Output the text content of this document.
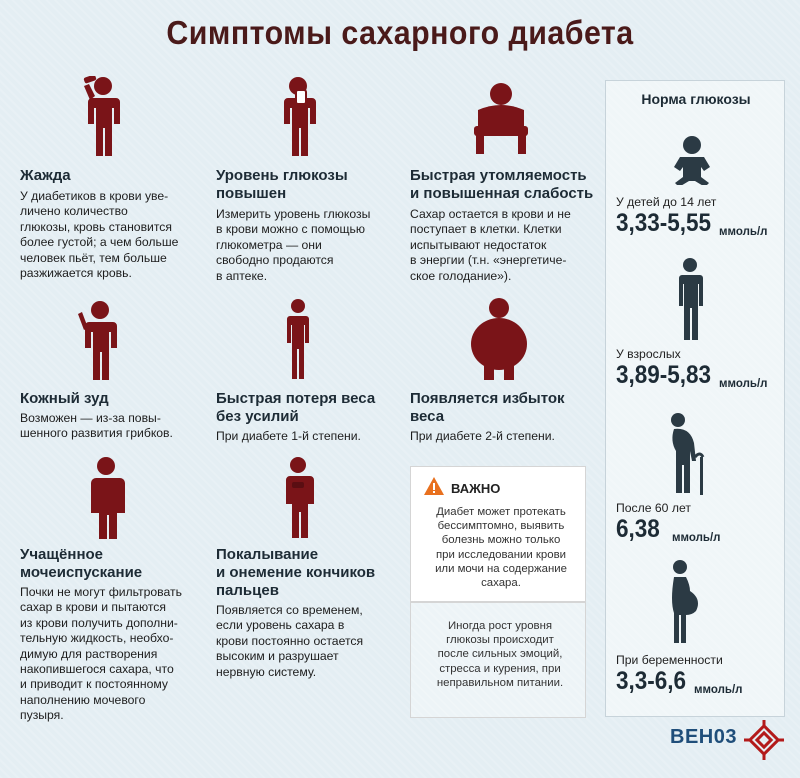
Симптомы сахарного диабета
Жажда
У диабетиков в крови уве-
личено количество
глюкозы, кровь становится
более густой; а чем больше
человек пьёт, тем больше
разжижается кровь.
Уровень глюкозы
повышен
Измерить уровень глюкозы
в крови можно с помощью
глюкометра — они
свободно продаются
в аптеке.
Быстрая утомляемость
и повышенная слабость
Сахар остается в крови и не
поступает в клетки. Клетки
испытывают недостаток
в энергии (т.н. «энергетиче-
ское голодание»).
Кожный зуд
Возможен — из-за повы-
шенного развития грибков.
Быстрая потеря веса
без усилий
При диабете 1-й степени.
Появляется избыток
веса
При диабете 2-й степени.
Учащённое
мочеиспускание
Почки не могут фильтровать
сахар в крови и пытаются
из крови получить дополни-
тельную жидкость, необхо-
димую для растворения
накопившегося сахара, что
и приводит к постоянному
наполнению мочевого
пузыря.
Покалывание
и онемение кончиков
пальцев
Появляется со временем,
если уровень сахара в
крови постоянно остается
высоким и разрушает
нервную систему.
ВАЖНО
Диабет может протекать
бессимптомно, выявить
болезнь можно только
при исследовании крови
или мочи на содержание
сахара.
Иногда рост уровня
глюкозы происходит
после сильных эмоций,
стресса и курения, при
неправильном питании.
Норма глюкозы
У детей до 14 лет
3,33-5,55 ммоль/л
У взрослых
3,89-5,83 ммоль/л
После 60 лет
6,38 ммоль/л
При беременности
3,3-6,6 ммоль/л
ВЕН03
